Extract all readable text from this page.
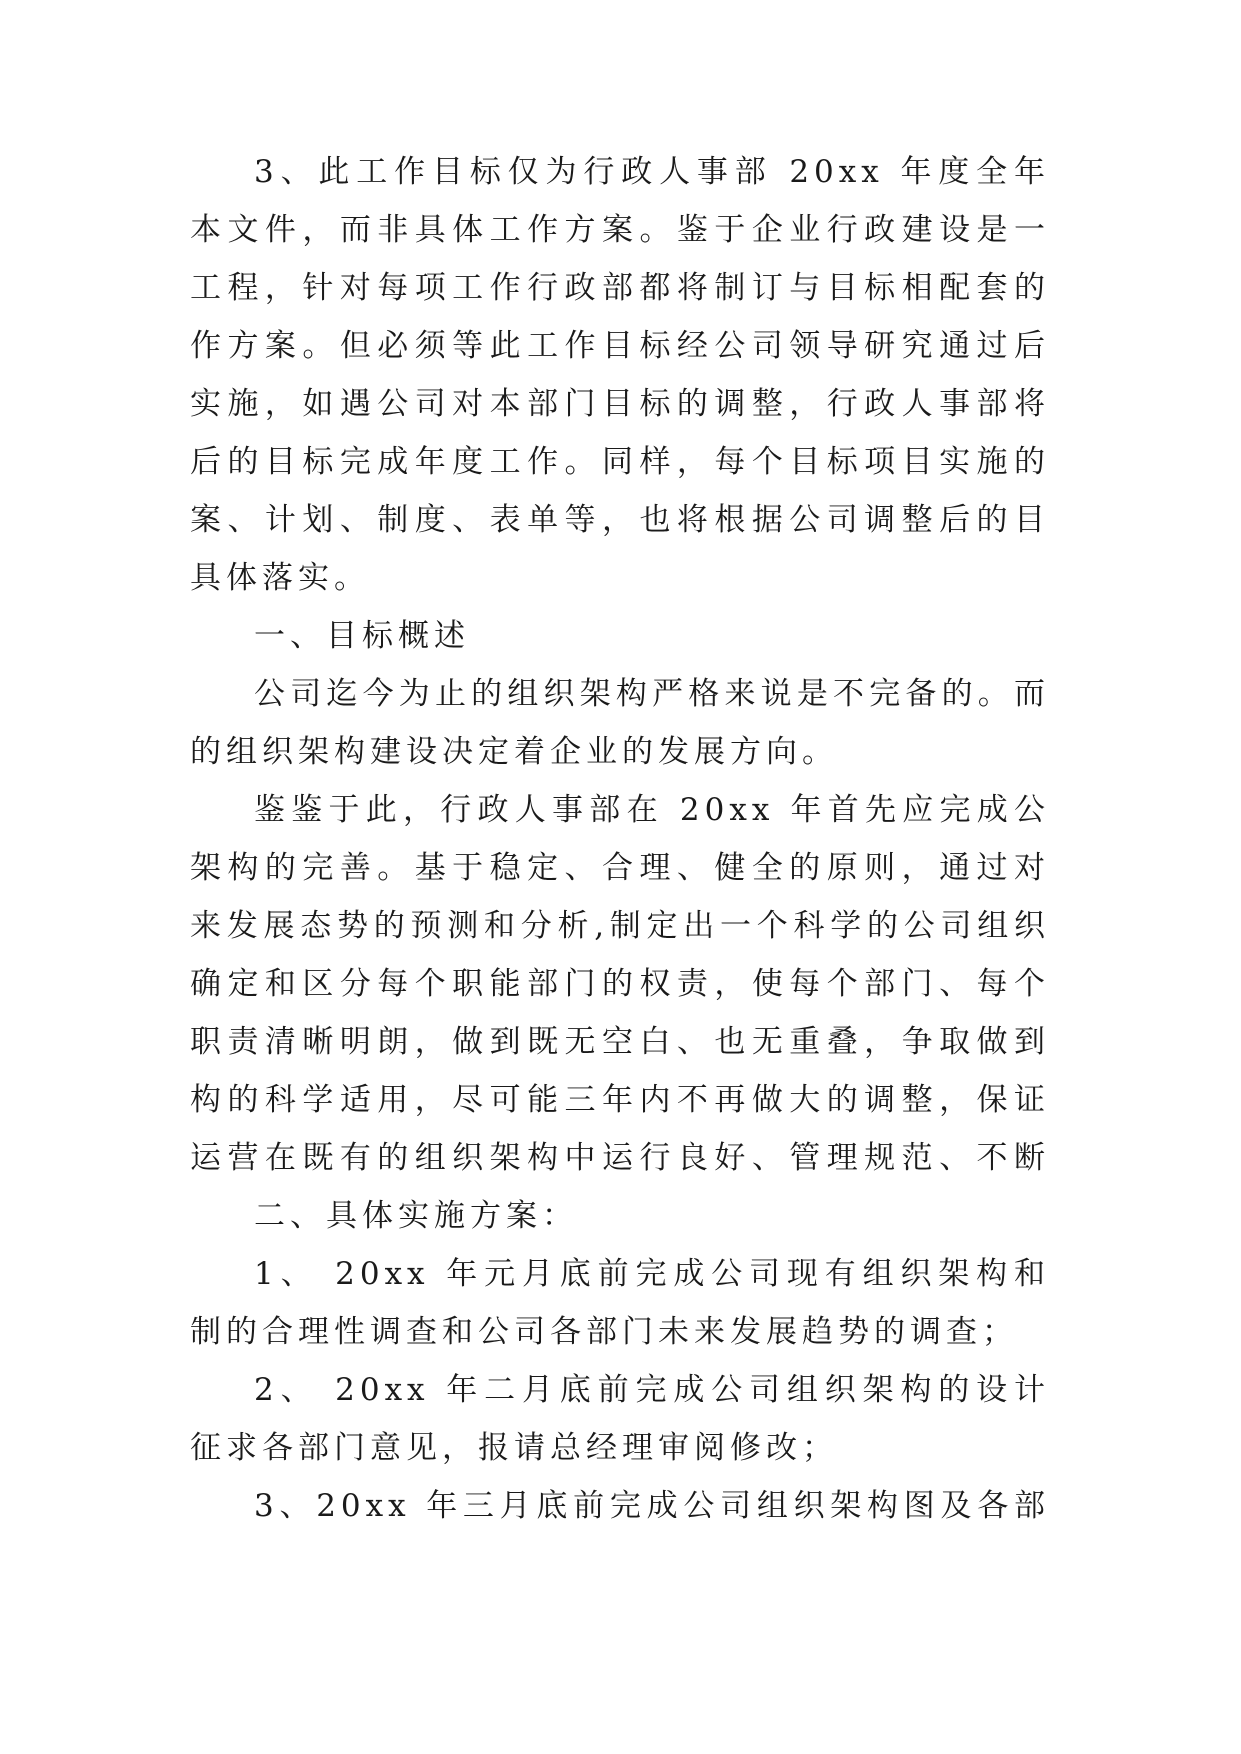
3、此工作目标仅为行政人事部 20xx 年度全年
本文件，而非具体工作方案。鉴于企业行政建设是一
工程，针对每项工作行政部都将制订与目标相配套的
作方案。但必须等此工作目标经公司领导研究通过后
实施，如遇公司对本部门目标的调整，行政人事部将
后的目标完成年度工作。同样，每个目标项目实施的
案、计划、制度、表单等，也将根据公司调整后的目
具体落实。
一、目标概述
公司迄今为止的组织架构严格来说是不完备的。而
的组织架构建设决定着企业的发展方向。
鉴鉴于此，行政人事部在 20xx 年首先应完成公
架构的完善。基于稳定、合理、健全的原则，通过对
来发展态势的预测和分析,制定出一个科学的公司组织
确定和区分每个职能部门的权责，使每个部门、每个
职责清晰明朗，做到既无空白、也无重叠，争取做到
构的科学适用，尽可能三年内不再做大的调整，保证
运营在既有的组织架构中运行良好、管理规范、不断
二、具体实施方案：
1、 20xx 年元月底前完成公司现有组织架构和
制的合理性调查和公司各部门未来发展趋势的调查；
2、 20xx 年二月底前完成公司组织架构的设计
征求各部门意见，报请总经理审阅修改；
3、20xx 年三月底前完成公司组织架构图及各部
